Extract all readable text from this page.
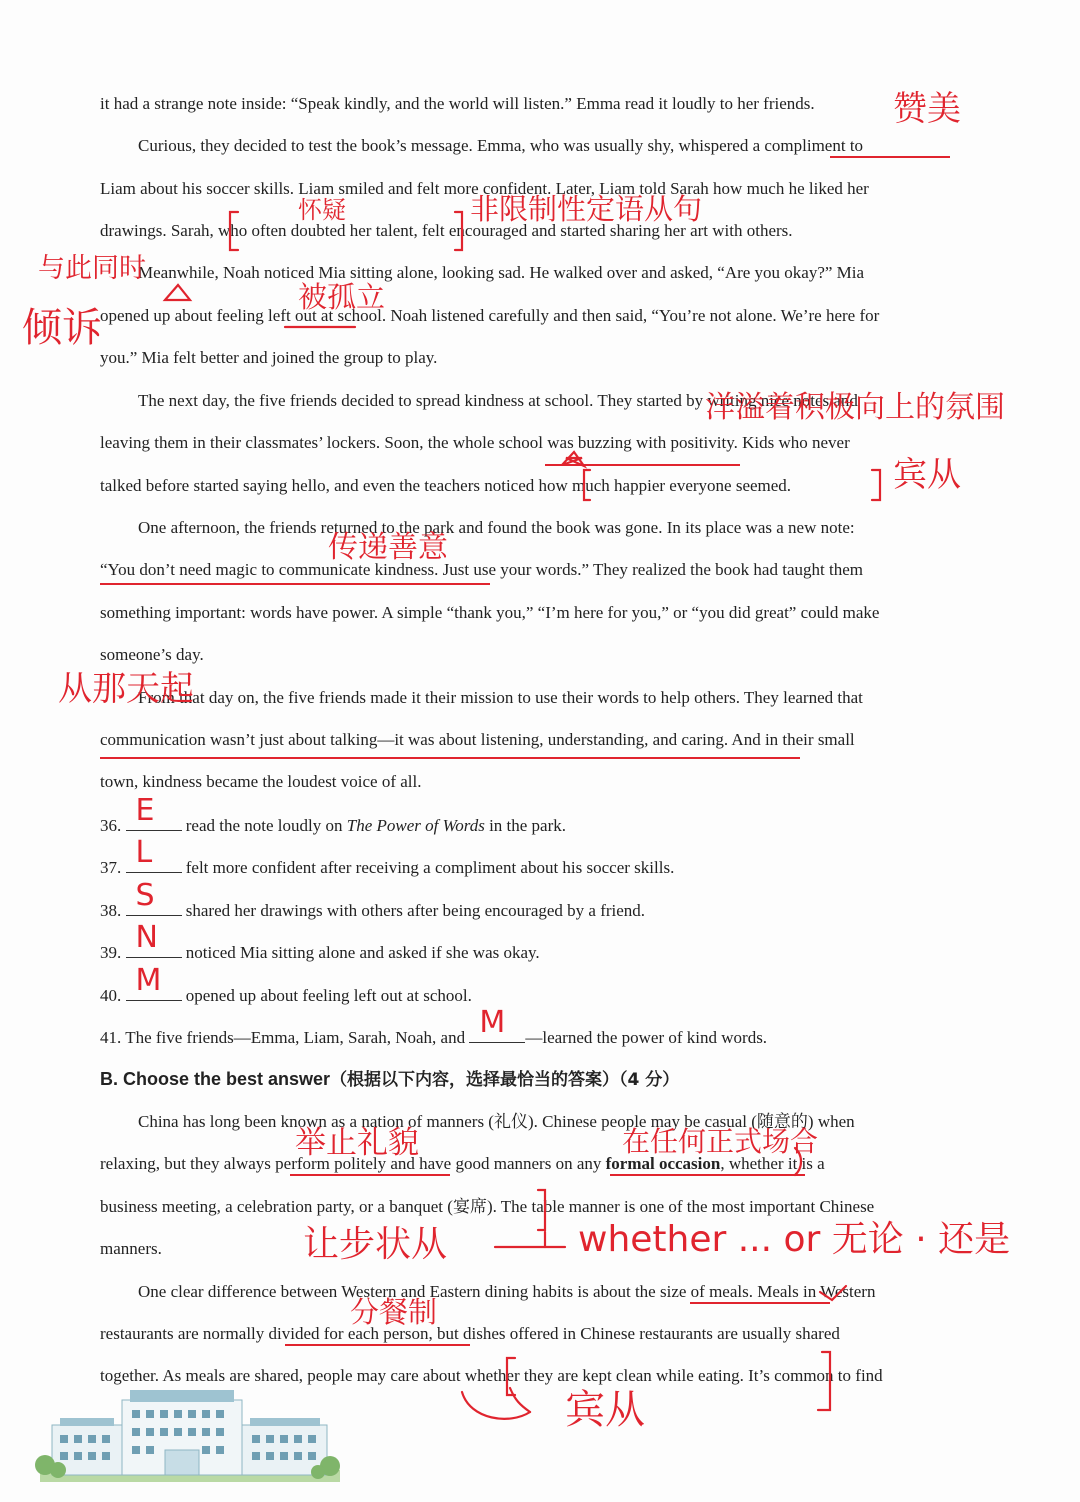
it had a strange note inside: “Speak kindly, and the world will listen.” Emma read it loudly to her friends.
Curious, they decided to test the book’s message. Emma, who was usually shy, whispered a compliment to
Liam about his soccer skills. Liam smiled and felt more confident. Later, Liam told Sarah how much he liked her
drawings. Sarah, who often doubted her talent, felt encouraged and started sharing her art with others.
Meanwhile, Noah noticed Mia sitting alone, looking sad. He walked over and asked, “Are you okay?” Mia
opened up about feeling left out at school. Noah listened carefully and then said, “You’re not alone. We’re here for
you.” Mia felt better and joined the group to play.
The next day, the five friends decided to spread kindness at school. They started by writing nice notes and
leaving them in their classmates’ lockers. Soon, the whole school was buzzing with positivity. Kids who never
talked before started saying hello, and even the teachers noticed how much happier everyone seemed.
One afternoon, the friends returned to the park and found the book was gone. In its place was a new note:
“You don’t need magic to communicate kindness. Just use your words.” They realized the book had taught them
something important: words have power. A simple “thank you,” “I’m here for you,” or “you did great” could make
someone’s day.
From that day on, the five friends made it their mission to use their words to help others. They learned that
communication wasn’t just about talking—it was about listening, understanding, and caring. And in their small
town, kindness became the loudest voice of all.
36. E read the note loudly on The Power of Words in the park.
37. L felt more confident after receiving a compliment about his soccer skills.
38. S shared her drawings with others after being encouraged by a friend.
39. N noticed Mia sitting alone and asked if she was okay.
40. M opened up about feeling left out at school.
41. The five friends—Emma, Liam, Sarah, Noah, and M —learned the power of kind words.
B. Choose the best answer（根据以下内容，选择最恰当的答案）（4 分）
China has long been known as a nation of manners (礼仪). Chinese people may be casual (随意的) when
relaxing, but they always perform politely and have good manners on any formal occasion, whether it is a
business meeting, a celebration party, or a banquet (宴席). The table manner is one of the most important Chinese
manners.
One clear difference between Western and Eastern dining habits is about the size of meals. Meals in Western
restaurants are normally divided for each person, but dishes offered in Chinese restaurants are usually shared
together. As meals are shared, people may care about whether they are kept clean while eating. It’s common to find
赞美
怀疑	非限制性定语从句
与此同时
倾诉
被孤立
洋溢着积极向上的氛围
宾从
传递善意
从那天起
举止礼貌	在任何正式场合
让步状从	whether ... or 无论 · 还是
分餐制
宾从
